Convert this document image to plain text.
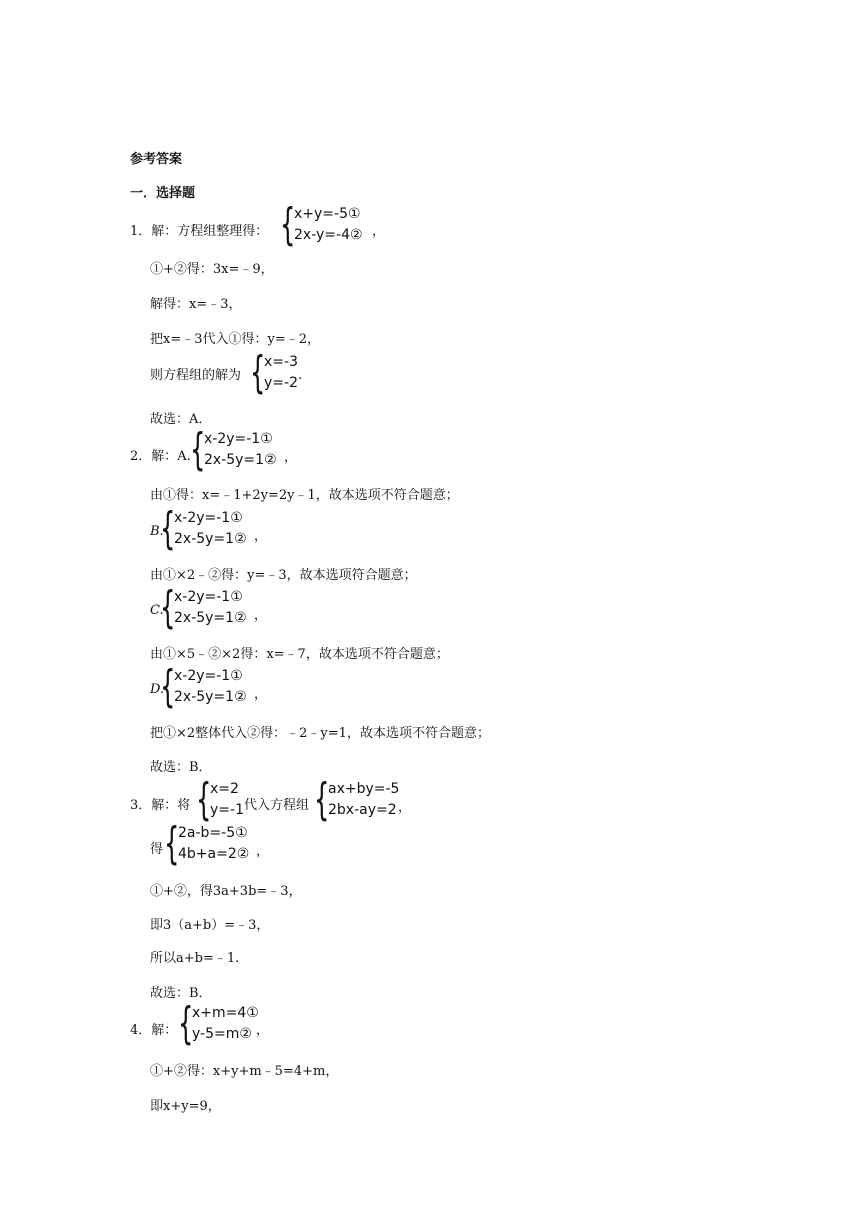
参考答案
一．选择题
1．解：方程组整理得： {
x+y=-5①
2x-y=-4② ，
①+②得：3x=﹣9，
解得：x=﹣3，
把x=﹣3代入①得：y=﹣2，
则方程组的解为 {
x=-3
y=-2 .
故选：A．
2．解：A. {
x-2y=-1①
2x-5y=1② ，
由①得：x=﹣1+2y=2y﹣1，故本选项不符合题意；
B.
{
x-2y=-1①
2x-5y=1② ，
由①×2﹣②得：y=﹣3，故本选项符合题意；
C.
{
x-2y=-1①
2x-5y=1② ，
由①×5﹣②×2得：x=﹣7，故本选项不符合题意；
D.
{
x-2y=-1①
2x-5y=1② ，
把①×2整体代入②得：﹣2﹣y=1，故本选项不符合题意；
故选：B．
3．解：将 {
x=2
y=-1 代入方程组 {
ax+by=-5
2bx-ay=2 ，
得 {
2a-b=-5①
4b+a=2② ，
①+②，得3a+3b=﹣3，
即3（a+b）=﹣3，
所以a+b=﹣1.
故选：B．
4．解： {
x+m=4①
y-5=m② ，
①+②得：x+y+m﹣5=4+m，
即x+y=9，
